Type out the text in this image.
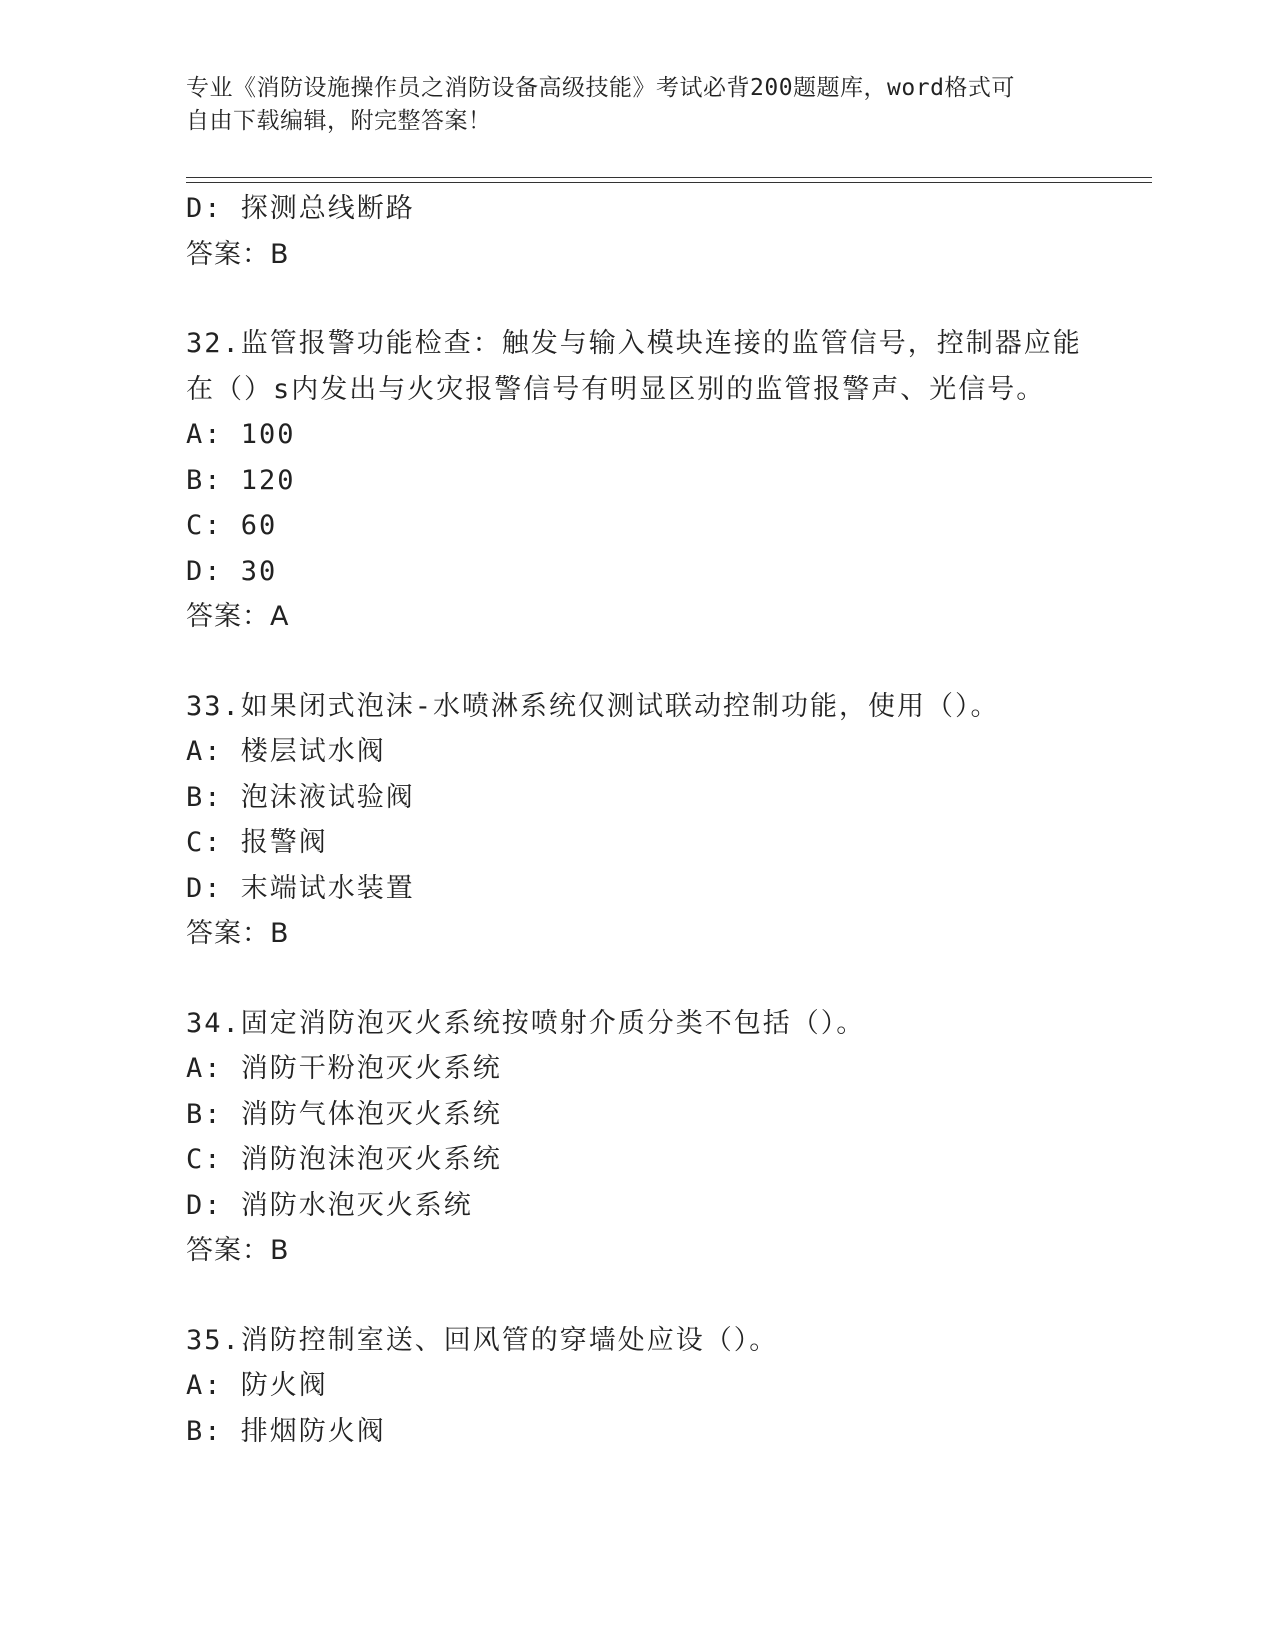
专业《消防设施操作员之消防设备高级技能》考试必背200题题库，word格式可
自由下载编辑，附完整答案！
D: 探测总线断路
答案：B
32.监管报警功能检查：触发与输入模块连接的监管信号，控制器应能
在（）s内发出与火灾报警信号有明显区别的监管报警声、光信号。
A: 100
B: 120
C: 60
D: 30
答案：A
33.如果闭式泡沫-水喷淋系统仅测试联动控制功能，使用（）。
A: 楼层试水阀
B: 泡沫液试验阀
C: 报警阀
D: 末端试水装置
答案：B
34.固定消防泡灭火系统按喷射介质分类不包括（）。
A: 消防干粉泡灭火系统
B: 消防气体泡灭火系统
C: 消防泡沫泡灭火系统
D: 消防水泡灭火系统
答案：B
35.消防控制室送、回风管的穿墙处应设（）。
A: 防火阀
B: 排烟防火阀
